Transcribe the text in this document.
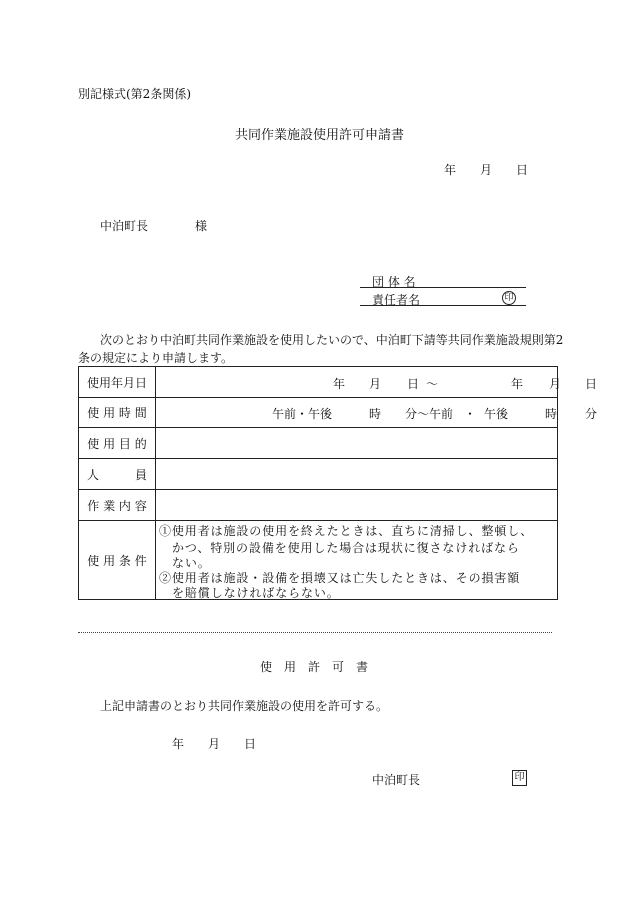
別記様式(第2条関係)
共同作業施設使用許可申請書
年 月 日
中泊町長	様
団 体 名
責任者名	印
次のとおり中泊町共同作業施設を使用したいので、中泊町下請等共同作業施設規則第2
条の規定により申請します。
使用年月日	年 月 日 ～	年 月 日
使 用 時 間	午前・午後	時 分～午前 ・ 午後	時 分
使 用 目 的
人　　　員
作 業 内 容
使 用 条 件
①使用者は施設の使用を終えたときは、直ちに清掃し、整頓し、
かつ、特別の設備を使用した場合は現状に復さなければなら
ない。
②使用者は施設・設備を損壊又は亡失したときは、その損害額
を賠償しなければならない。
使　用　許　可　書
上記申請書のとおり共同作業施設の使用を許可する。
年 月 日
中泊町長	印
